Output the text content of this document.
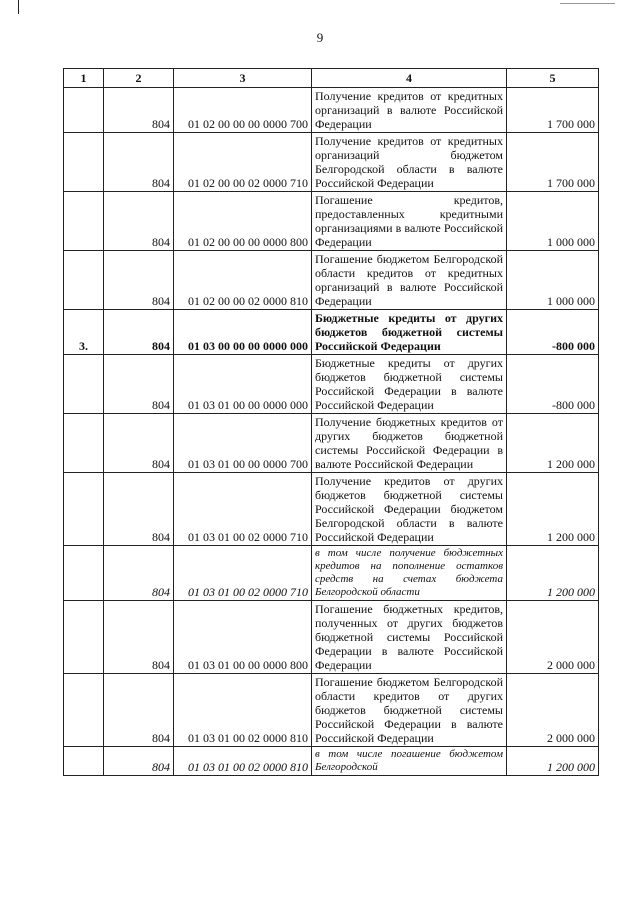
9
1	2	3	4	5
	804	01 02 00 00 00 0000 700	Получение кредитов от кредитных организаций в валюте Российской Федерации	1 700 000
	804	01 02 00 00 02 0000 710	Получение кредитов от кредитных организаций бюджетом Белгородской области в валюте Российской Федерации	1 700 000
	804	01 02 00 00 00 0000 800	Погашение кредитов, предоставленных кредитными организациями в валюте Российской Федерации	1 000 000
	804	01 02 00 00 02 0000 810	Погашение бюджетом Белгородской области кредитов от кредитных организаций в валюте Российской Федерации	1 000 000
3.	804	01 03 00 00 00 0000 000	Бюджетные кредиты от других бюджетов бюджетной системы Российской Федерации	-800 000
	804	01 03 01 00 00 0000 000	Бюджетные кредиты от других бюджетов бюджетной системы Российской Федерации в валюте Российской Федерации	-800 000
	804	01 03 01 00 00 0000 700	Получение бюджетных кредитов от других бюджетов бюджетной системы Российской Федерации в валюте Российской Федерации	1 200 000
	804	01 03 01 00 02 0000 710	Получение кредитов от других бюджетов бюджетной системы Российской Федерации бюджетом Белгородской области в валюте Российской Федерации	1 200 000
	804	01 03 01 00 02 0000 710	в том числе получение бюджетных кредитов на пополнение остатков средств на счетах бюджета Белгородской области	1 200 000
	804	01 03 01 00 00 0000 800	Погашение бюджетных кредитов, полученных от других бюджетов бюджетной системы Российской Федерации в валюте Российской Федерации	2 000 000
	804	01 03 01 00 02 0000 810	Погашение бюджетом Белгородской области кредитов от других бюджетов бюджетной системы Российской Федерации в валюте Российской Федерации	2 000 000
	804	01 03 01 00 02 0000 810	в том числе погашение бюджетом Белгородской	1 200 000
